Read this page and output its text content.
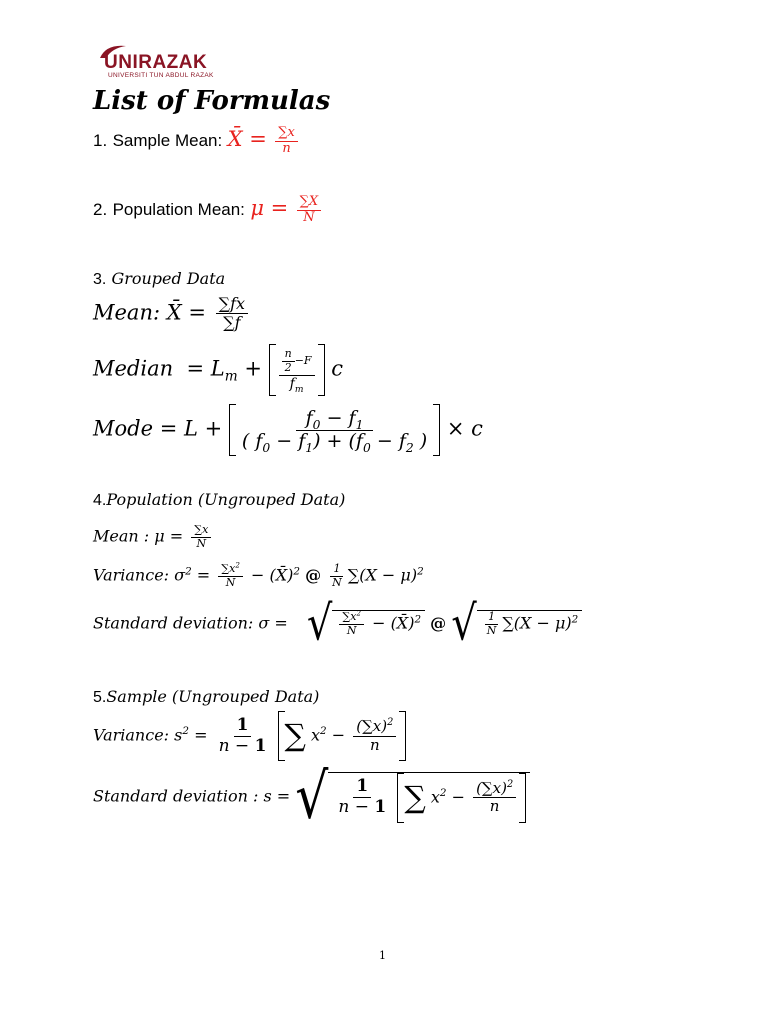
UNIRAZAK
UNIVERSITI TUN ABDUL RAZAK
List of Formulas
1. Sample Mean: X̄ = $\frac{\sum x}{n}$
2. Population Mean: $\mu = \frac{\sum X}{N}$
3. Grouped Data
Mean: X̄ = $\frac{\sum fx}{\sum f}$
Median  = $L_m + \frac{\frac{n}{2} -F}{f_m}$ c
Mode = $L + \frac{f_0 - f_1}{( f_0 - f_1) + (f_0 - f_2 )} \times c$
4.Population (Ungrouped Data)
Mean : $\mu = \frac{\sum x}{N}$
Variance: $\sigma^2 = \frac{\sum x^2}{N}$ − (X̄)$^2$ @ $\frac{1}{N} \sum(X - \mu)^2$
Standard deviation: σ = √ $\frac{\sum x^2}{N}$ − (X̄)$^2$ @ √ $\frac{1}{N} \sum(X - \mu)^2$
5.Sample (Ungrouped Data)
Variance: $s^2 = \frac{1}{n - 1}$ ∑ $x^2 - \frac{(\sum x)^2}{n}$
Standard deviation : s = √ $\frac{1}{n - 1}$ ∑ $x^2 - \frac{(\sum x)^2}{n}$
1
